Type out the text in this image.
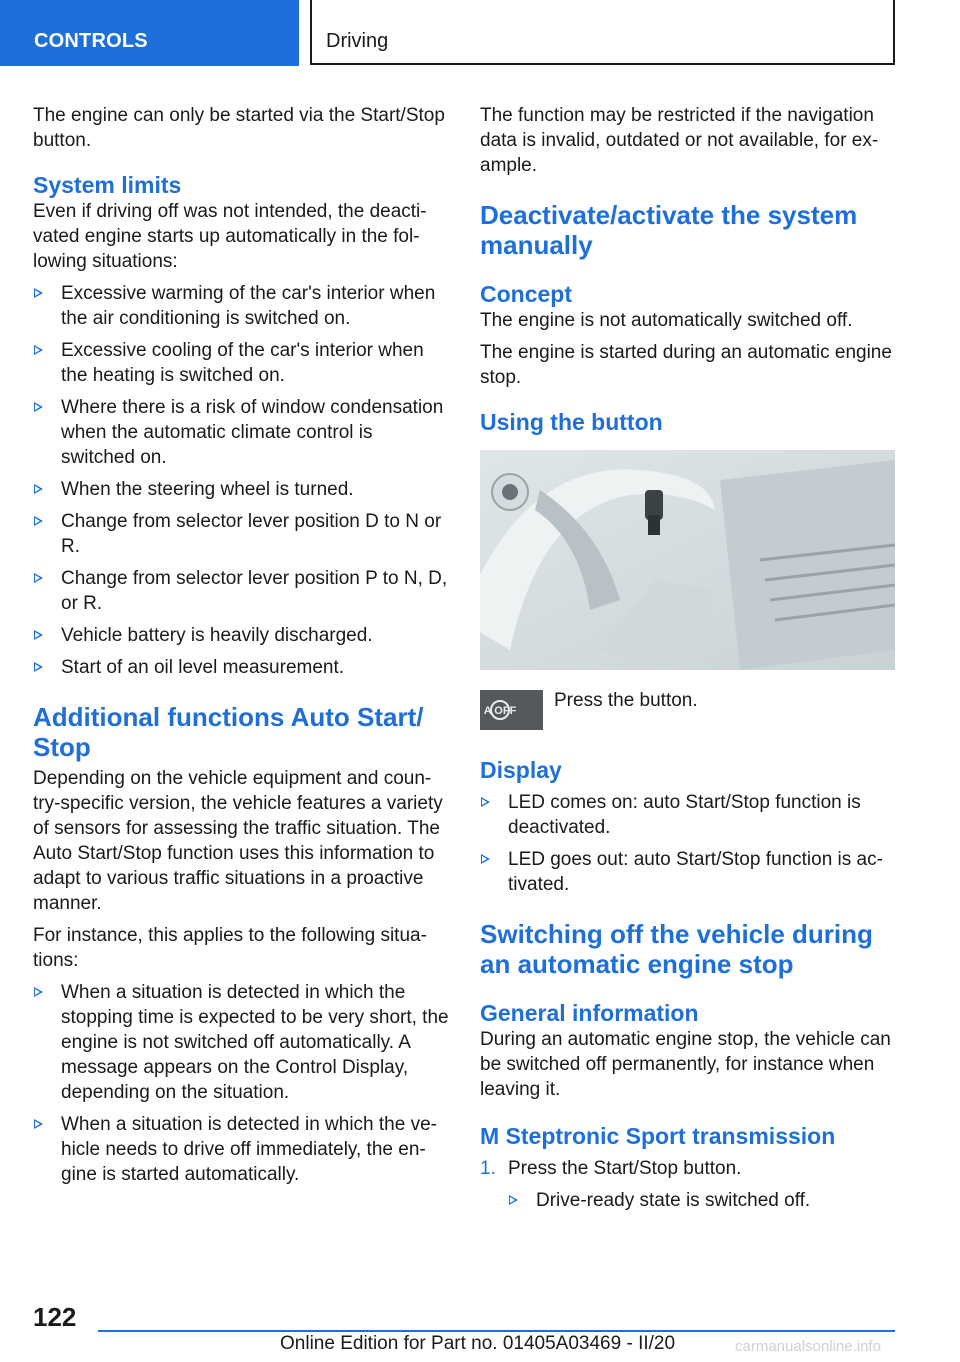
CONTROLS	Driving

The engine can only be started via the Start/Stop button.

System limits

Even if driving off was not intended, the deacti-vated engine starts up automatically in the fol-lowing situations:

Excessive warming of the car's interior when the air conditioning is switched on.
Excessive cooling of the car's interior when the heating is switched on.
Where there is a risk of window condensation when the automatic climate control is switched on.
When the steering wheel is turned.
Change from selector lever position D to N or R.
Change from selector lever position P to N, D, or R.
Vehicle battery is heavily discharged.
Start of an oil level measurement.
Additional functions Auto Start/ Stop

Depending on the vehicle equipment and coun-try-specific version, the vehicle features a variety of sensors for assessing the traffic situation. The Auto Start/Stop function uses this information to adapt to various traffic situations in a proactive manner.

For instance, this applies to the following situa-tions:

When a situation is detected in which the stopping time is expected to be very short, the engine is not switched off automatically. A message appears on the Control Display, depending on the situation.
When a situation is detected in which the ve-hicle needs to drive off immediately, the en-gine is started automatically.

The function may be restricted if the navigation data is invalid, outdated or not available, for ex-ample.

Deactivate/activate the system manually
Concept

The engine is not automatically switched off.

The engine is started during an automatic engine stop.

Using the button
A OFF Press the button.
Display
LED comes on: auto Start/Stop function is deactivated.
LED goes out: auto Start/Stop function is ac-tivated.
Switching off the vehicle during an automatic engine stop
General information

During an automatic engine stop, the vehicle can be switched off permanently, for instance when leaving it.

M Steptronic Sport transmission
1. Press the Start/Stop button.
Drive-ready state is switched off.
122
Online Edition for Part no. 01405A03469 - II/20	carmanualsonline.info
